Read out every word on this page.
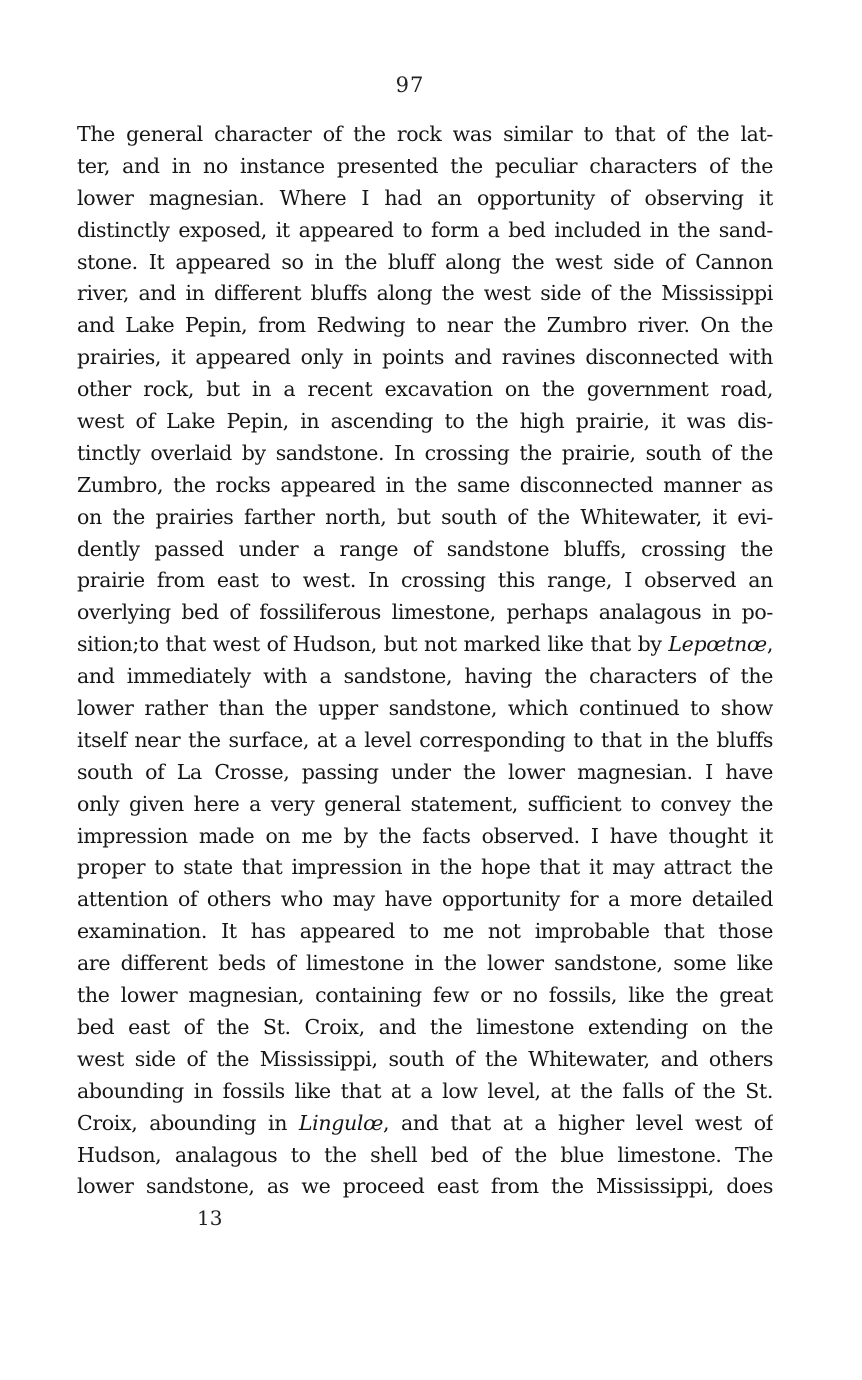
97
The general character of the rock was similar to that of the lat-
ter, and in no instance presented the peculiar characters of the
lower magnesian. Where I had an opportunity of observing it
distinctly exposed, it appeared to form a bed included in the sand-
stone. It appeared so in the bluff along the west side of Cannon
river, and in different bluffs along the west side of the Mississippi
and Lake Pepin, from Redwing to near the Zumbro river. On the
prairies, it appeared only in points and ravines disconnected with
other rock, but in a recent excavation on the government road,
west of Lake Pepin, in ascending to the high prairie, it was dis-
tinctly overlaid by sandstone. In crossing the prairie, south of the
Zumbro, the rocks appeared in the same disconnected manner as
on the prairies farther north, but south of the Whitewater, it evi-
dently passed under a range of sandstone bluffs, crossing the
prairie from east to west. In crossing this range, I observed an
overlying bed of fossiliferous limestone, perhaps analagous in po-
sition;to that west of Hudson, but not marked like that by Lepœtnœ,
and immediately with a sandstone, having the characters of the
lower rather than the upper sandstone, which continued to show
itself near the surface, at a level corresponding to that in the bluffs
south of La Crosse, passing under the lower magnesian. I have
only given here a very general statement, sufficient to convey the
impression made on me by the facts observed. I have thought it
proper to state that impression in the hope that it may attract the
attention of others who may have opportunity for a more detailed
examination. It has appeared to me not improbable that those
are different beds of limestone in the lower sandstone, some like
the lower magnesian, containing few or no fossils, like the great
bed east of the St. Croix, and the limestone extending on the
west side of the Mississippi, south of the Whitewater, and others
abounding in fossils like that at a low level, at the falls of the St.
Croix, abounding in Lingulœ, and that at a higher level west of
Hudson, analagous to the shell bed of the blue limestone. The
lower sandstone, as we proceed east from the Mississippi, does
13
